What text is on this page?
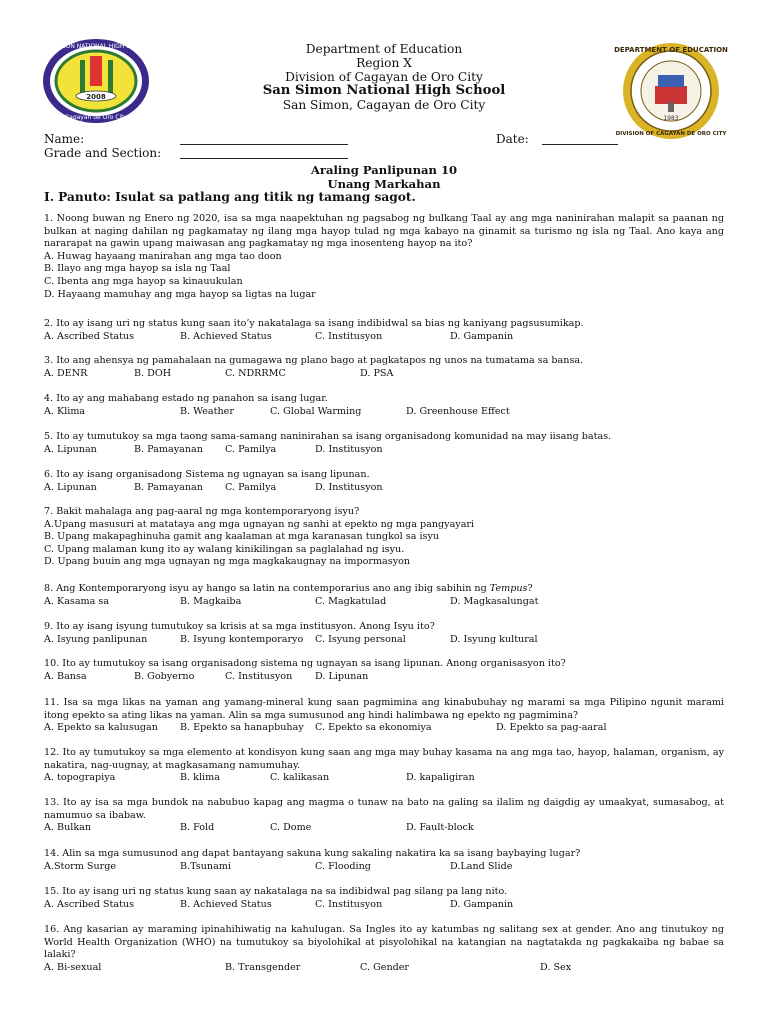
2008
SAN SIMON NATIONAL HIGH SCHOOL
Cagayan de Oro City
DEPARTMENT OF EDUCATION
DIVISION OF CAGAYAN DE ORO CITY
1983
Department of Education
Region X
Division of Cagayan de Oro City
San Simon National High School
San Simon, Cagayan de Oro City
Name:
Grade and Section:
Date:
Araling Panlipunan 10
Unang Markahan
I. Panuto: Isulat sa patlang ang titik ng tamang sagot.
1. Noong buwan ng Enero ng 2020, isa sa mga naapektuhan ng pagsabog ng bulkang Taal ay ang mga naninirahan malapit sa paanan ng bulkan at naging dahilan ng pagkamatay ng ilang mga hayop tulad ng mga kabayo na ginamit sa turismo ng isla ng Taal. Ano kaya ang nararapat na gawin upang maiwasan ang pagkamatay ng mga inosenteng hayop na ito?
A. Huwag hayaang manirahan ang mga tao doon
B. Ilayo ang mga hayop sa isla ng Taal
C. Ibenta ang mga hayop sa kinauukulan
D. Hayaang mamuhay ang mga hayop sa ligtas na lugar
2. Ito ay isang uri ng status kung saan ito’y nakatalaga sa isang indibidwal sa bias ng kaniyang pagsusumikap.
A. Ascribed Status	B. Achieved Status	C. Institusyon	D. Gampanin
3. Ito ang ahensya ng pamahalaan na gumagawa ng plano bago at pagkatapos ng unos na tumatama sa bansa.
A. DENR	B. DOH	C. NDRRMC	D. PSA
4. Ito ay ang mahabang estado ng panahon sa isang lugar.
A. Klima	B. Weather	C. Global Warming	D. Greenhouse Effect
5. Ito ay tumutukoy sa mga taong sama-samang naninirahan sa isang organisadong komunidad na may iisang batas.
A. Lipunan	B. Pamayanan C. Pamilya	D. Institusyon
6. Ito ay isang organisadong Sistema ng ugnayan sa isang lipunan.
A. Lipunan	B. Pamayanan C. Pamilya	D. Institusyon
7. Bakit mahalaga ang pag-aaral ng mga kontemporaryong isyu?
A.Upang masusuri at matataya ang mga ugnayan ng sanhi at epekto ng mga pangyayari
B. Upang makapaghinuha gamit ang kaalaman at mga karanasan tungkol sa isyu
C. Upang malaman kung ito ay walang kinikilingan sa paglalahad ng isyu.
D. Upang buuin ang mga ugnayan ng mga magkakaugnay na impormasyon
8. Ang Kontemporaryong isyu ay hango sa latin na contemporarius ano ang ibig sabihin ng Tempus?
A. Kasama sa	B. Magkaiba	C. Magkatulad	D. Magkasalungat
9. Ito ay isang isyung tumutukoy sa krisis at sa mga institusyon. Anong Isyu ito?
A. Isyung panlipunan	B. Isyung kontemporaryo C. Isyung personal	D. Isyung kultural
10. Ito ay tumutukoy sa isang organisadong sistema ng ugnayan sa isang lipunan. Anong organisasyon ito?
A. Bansa	B. Gobyerno	C. Institusyon D. Lipunan
11. Isa sa mga likas na yaman ang yamang-mineral kung saan pagmimina ang kinabubuhay ng marami sa mga Pilipino ngunit marami itong epekto sa ating likas na yaman. Alin sa mga sumusunod ang hindi halimbawa ng epekto ng pagmimina?
A. Epekto sa kalusugan B. Epekto sa hanapbuhay C. Epekto sa ekonomiya	D. Epekto sa pag-aaral
12. Ito ay tumutukoy sa mga elemento at kondisyon kung saan ang mga may buhay kasama na ang mga tao, hayop, halaman, organism, ay nakatira, nag-uugnay, at magkasamang namumuhay.
A. topograpiya	B. klima	C. kalikasan	D. kapaligiran
13. Ito ay isa sa mga bundok na nabubuo kapag ang magma o tunaw na bato na galing sa ilalim ng daigdig ay umaakyat, sumasabog, at namumuo sa ibabaw.
A. Bulkan	B. Fold	C. Dome	D. Fault-block
14. Alin sa mga sumusunod ang dapat bantayang sakuna kung sakaling nakatira ka sa isang baybaying lugar?
A.Storm Surge	B.Tsunami	C. Flooding	D.Land Slide
15. Ito ay isang uri ng status kung saan ay nakatalaga na sa indibidwal pag silang pa lang nito.
A. Ascribed Status	B. Achieved Status	C. Institusyon	D. Gampanin
16. Ang kasarian ay maraming ipinahihiwatig na kahulugan. Sa Ingles ito ay katumbas ng salitang sex at gender. Ano ang tinutukoy ng World Health Organization (WHO) na tumutukoy sa biyolohikal at pisyolohikal na katangian na nagtatakda ng pagkakaiba ng babae sa lalaki?
A. Bi-sexual	B. Transgender	C. Gender	D. Sex
